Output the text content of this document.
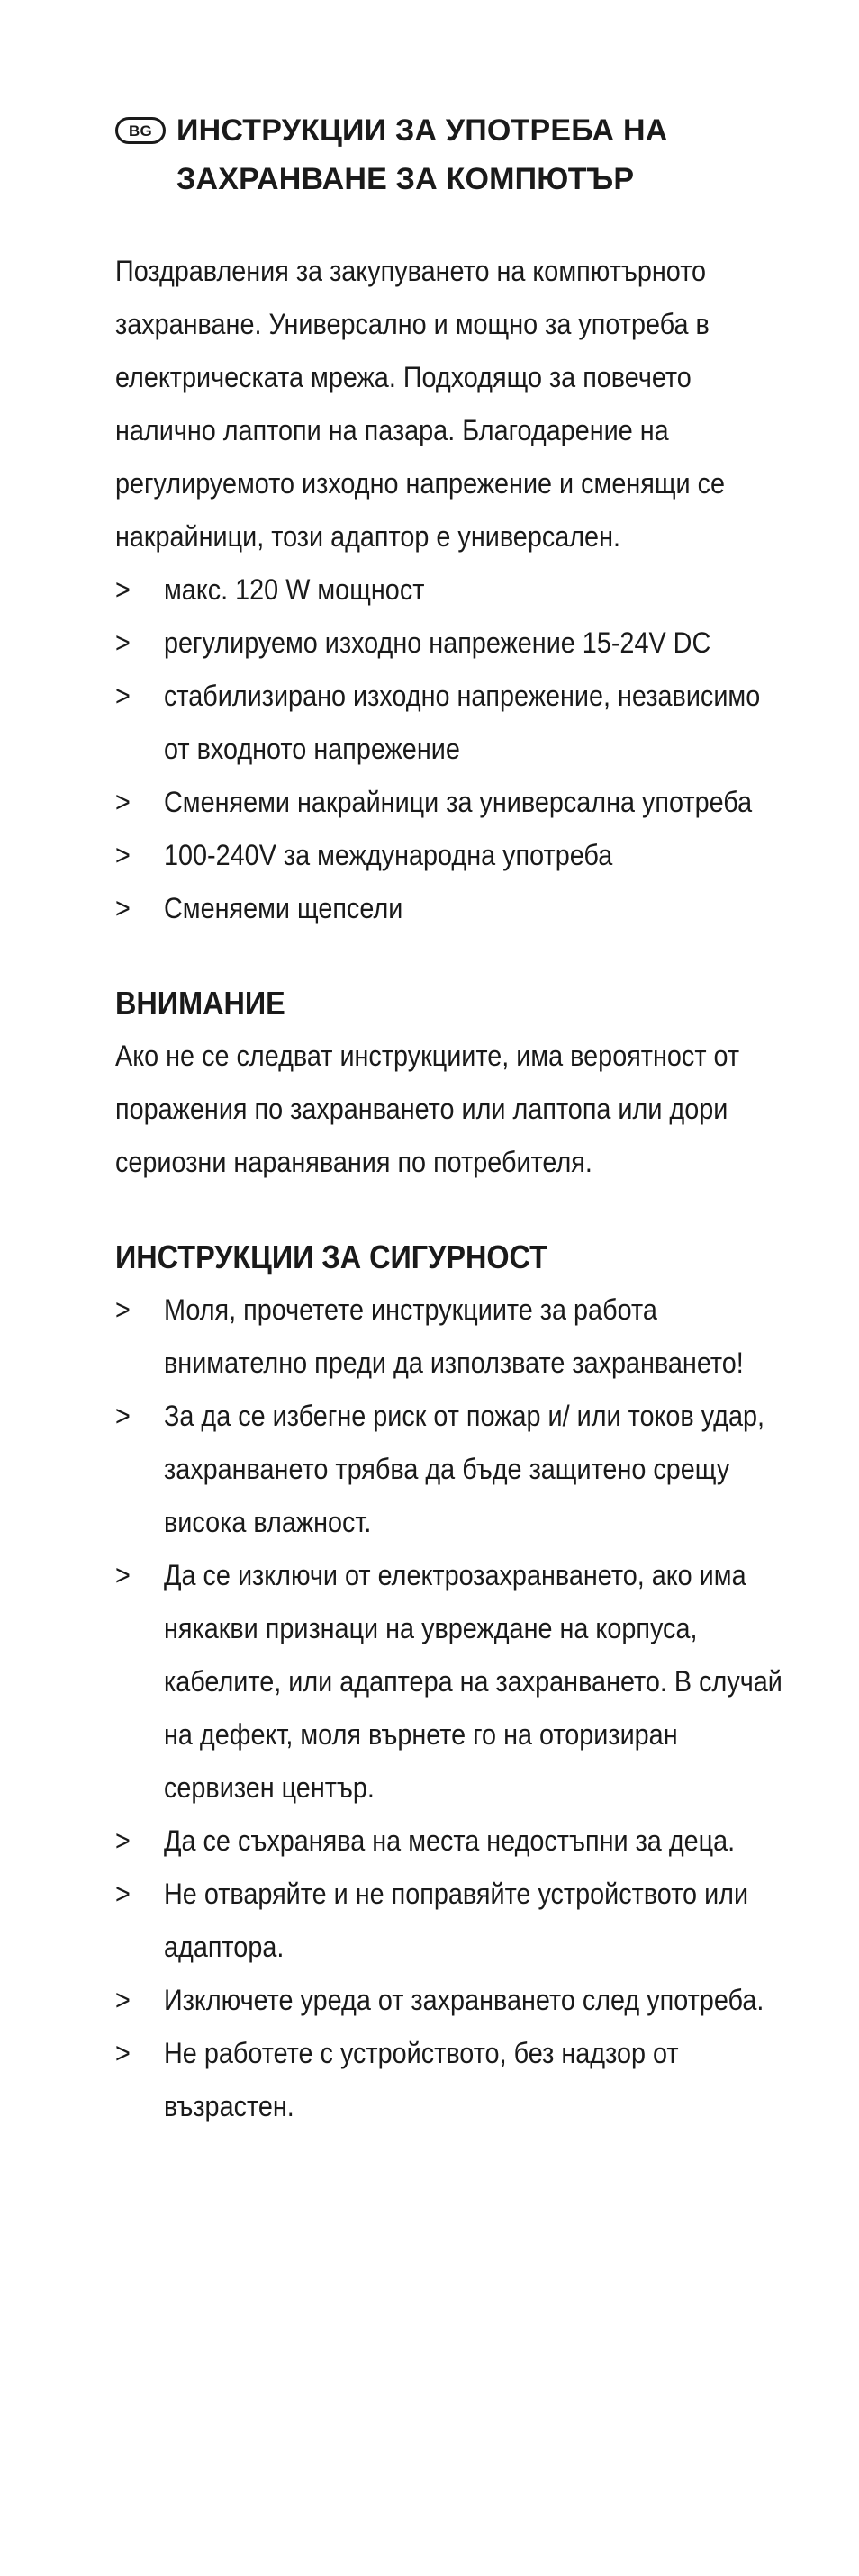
BG ИНСТРУКЦИИ ЗА УПОТРЕБА НА ЗАХРАНВАНЕ ЗА КОМПЮТЪР

Поздравления за закупуването на компютърното захранване. Универсално и мощно за употреба в електрическата мрежа. Подходящо за повечето налично лаптопи на пазара. Благодарение на регулируемото изходно напрежение и сменящи се накрайници, този адаптор е универсален.

> макс. 120 W мощност
> регулируемо изходно напрежение 15-24V DC
> стабилизирано изходно напрежение, независимо от входното напрежение
> Сменяеми накрайници за универсална употреба
> 100-240V за международна употреба
> Сменяеми щепсели
ВНИМАНИЕ

Ако не се следват инструкциите, има вероятност от поражения по захранването или лаптопа или дори сериозни наранявания по потребителя.

ИНСТРУКЦИИ ЗА СИГУРНОСТ
> Моля, прочетете инструкциите за работа внимателно преди да използвате захранването!
> За да се избегне риск от пожар и/ или токов удар, захранването трябва да бъде защитено срещу висока влажност.
> Да се изключи от електрозахранването, ако има някакви признаци на увреждане на корпуса, кабелите, или адаптера на захранването. В случай на дефект, моля върнете го на оторизиран сервизен център.
> Да се съхранява на места недостъпни за деца.
> Не отваряйте и не поправяйте устройството или адаптора.
> Изключете уреда от захранването след употреба.
> Не работете с устройството, без надзор от възрастен.
